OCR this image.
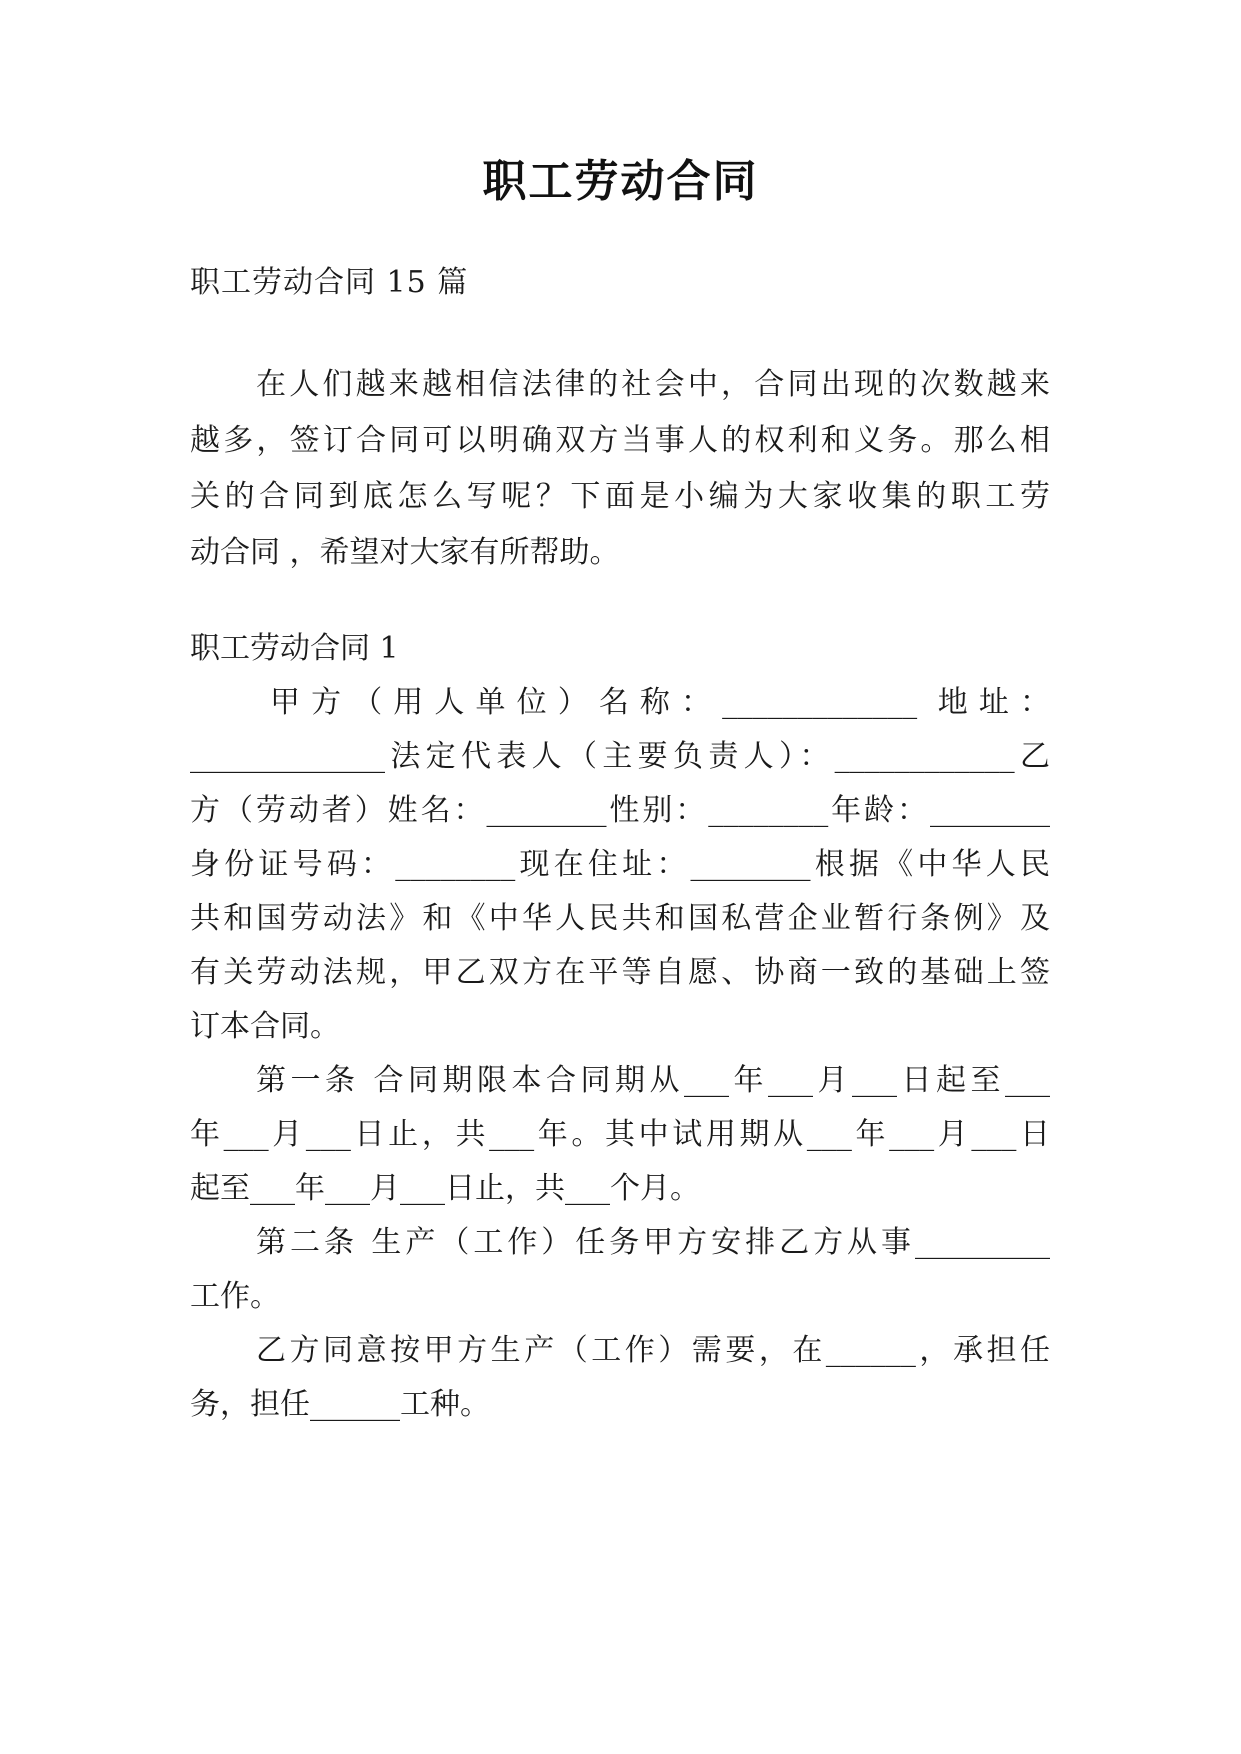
职工劳动合同
职工劳动合同 15 篇
在人们越来越相信法律的社会中，合同出现的次数越来
越多，签订合同可以明确双方当事人的权利和义务。那么相
关的合同到底怎么写呢？下面是小编为大家收集的职工劳
动合同 ，希望对大家有所帮助。
职工劳动合同 1
甲方（用人单位）名称：_____________ 地址：
_____________法定代表人（主要负责人）：____________乙
方（劳动者）姓名：________性别：________年龄：________
身份证号码：________现在住址：________根据《中华人民
共和国劳动法》和《中华人民共和国私营企业暂行条例》及
有关劳动法规，甲乙双方在平等自愿、协商一致的基础上签
订本合同。
第一条 合同期限本合同期从___年___月___日起至___
年___月___日止，共___年。其中试用期从___年___月___日
起至___年___月___日止，共___个月。
第二条 生产（工作）任务甲方安排乙方从事_________
工作。
乙方同意按甲方生产（工作）需要，在______，承担任
务，担任______工种。
